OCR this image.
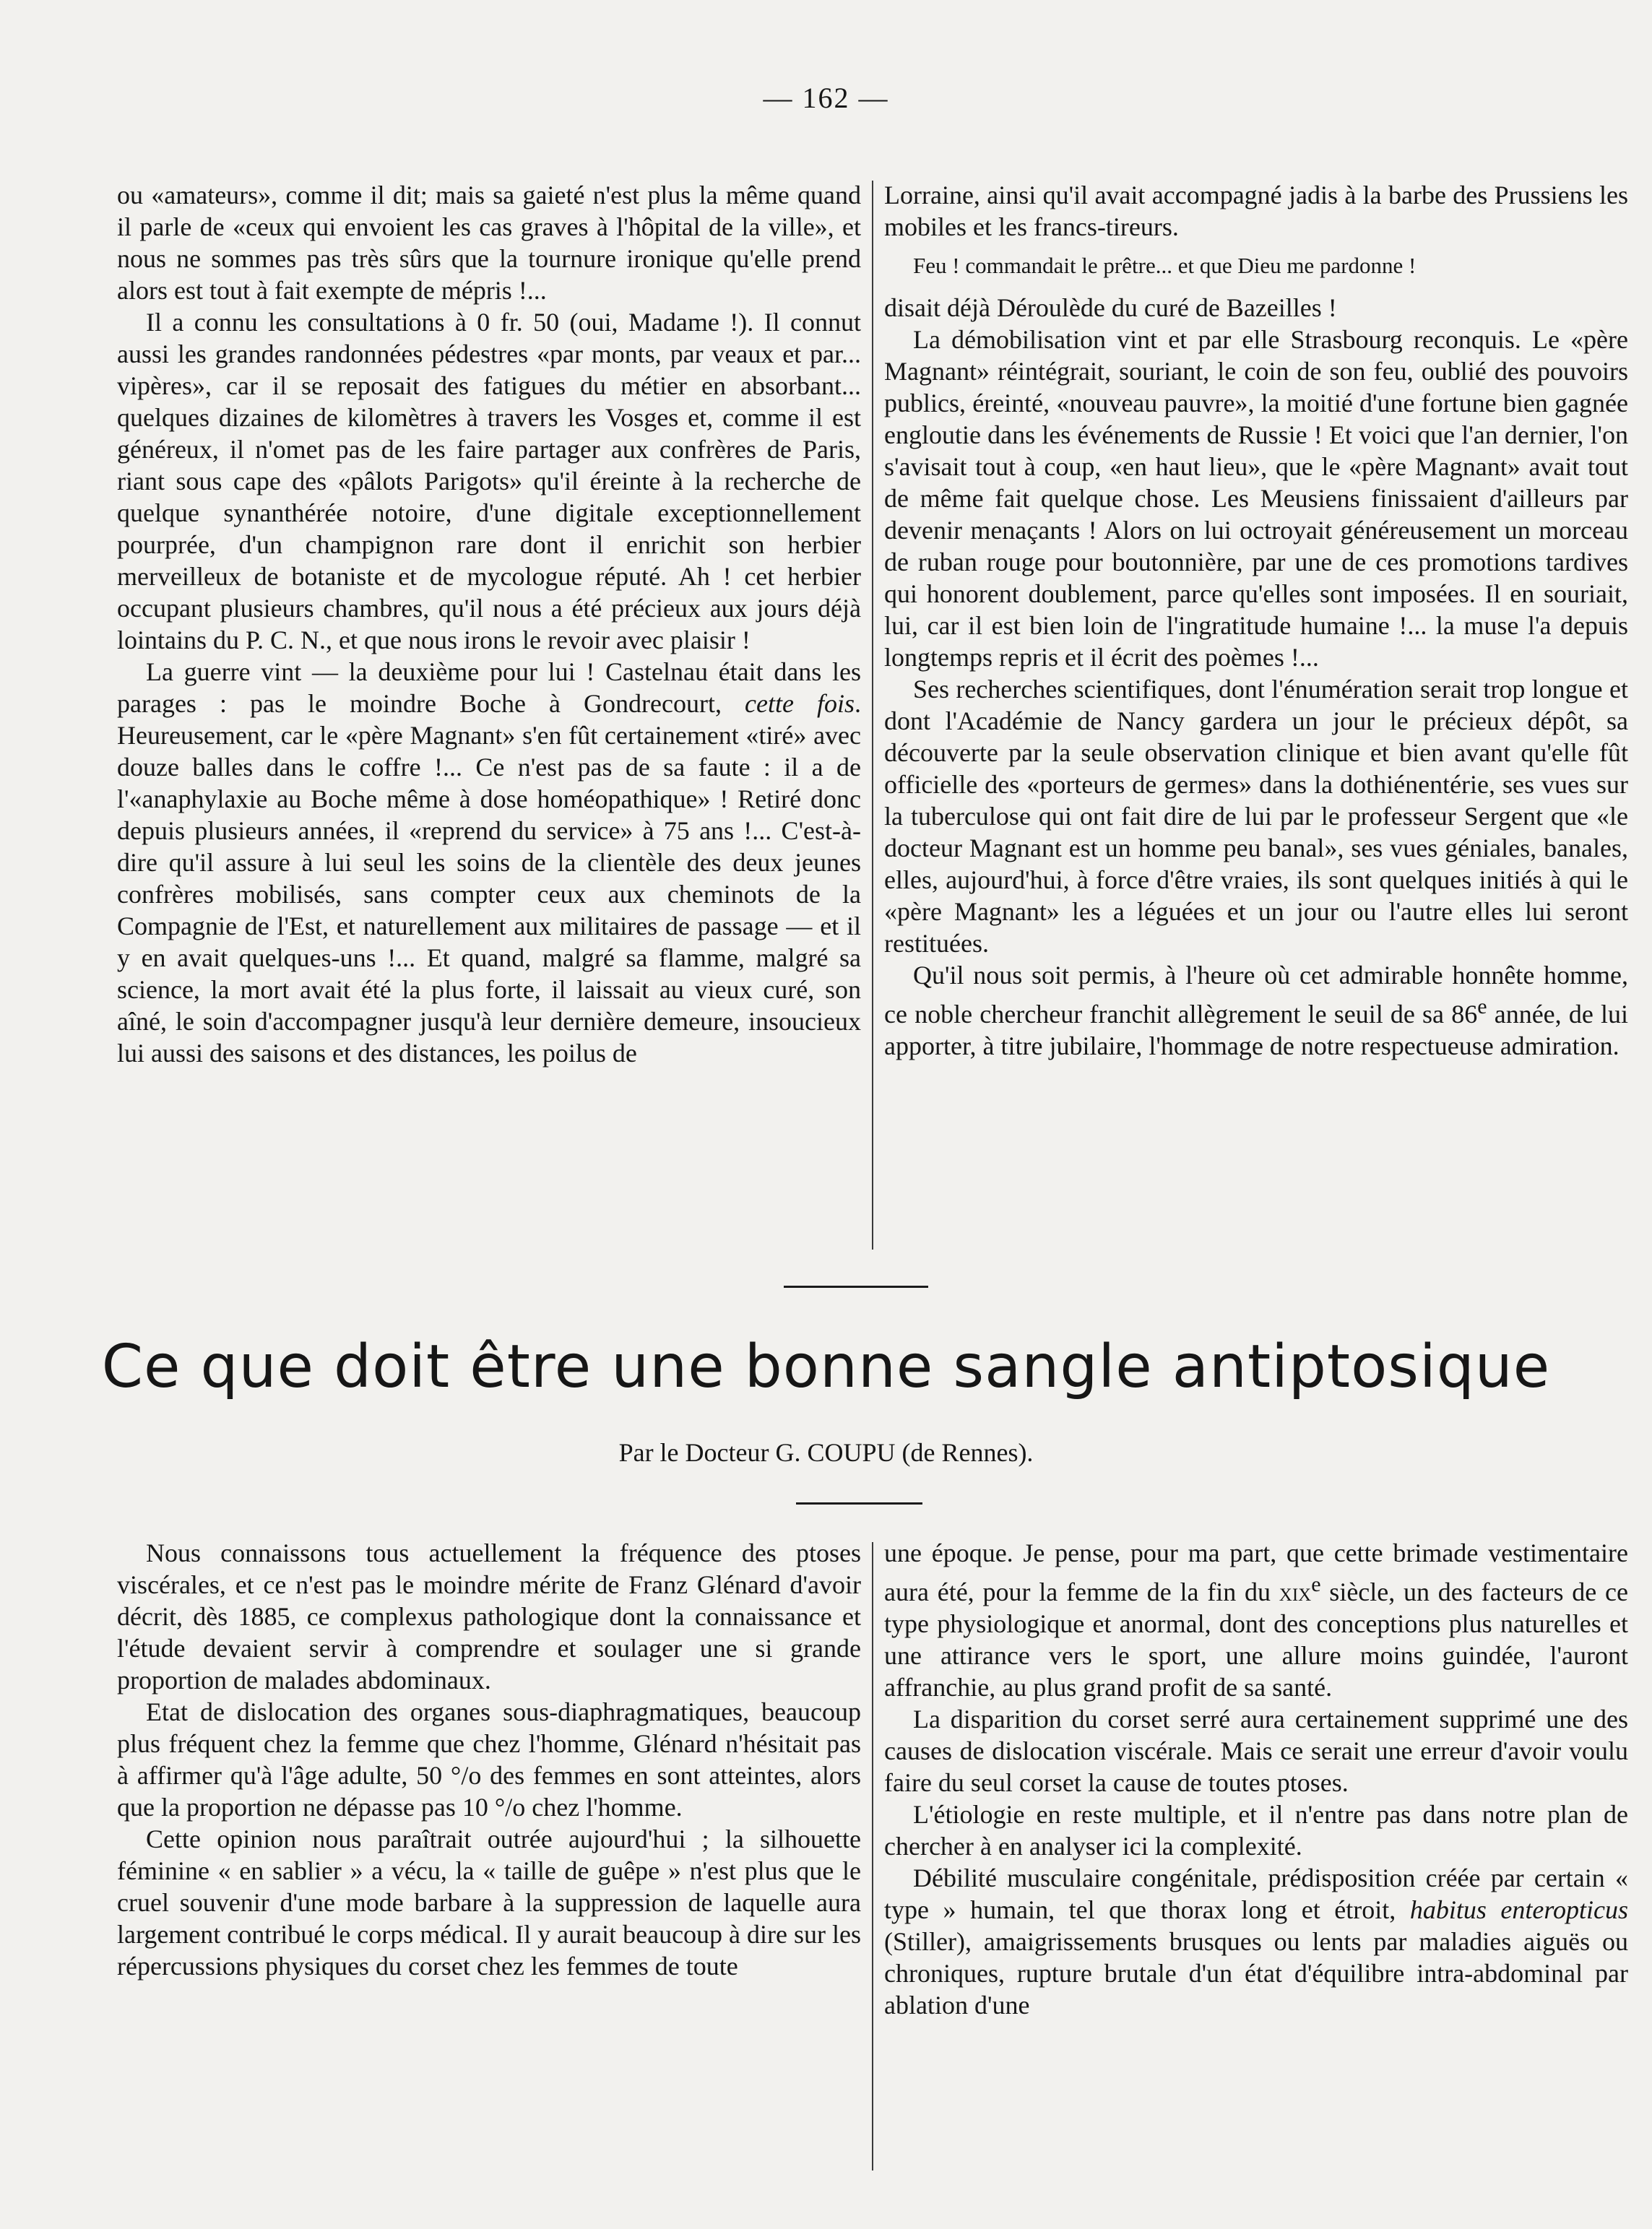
— 162 —

ou «amateurs», comme il dit; mais sa gaieté n'est plus la même quand il parle de «ceux qui envoient les cas graves à l'hôpital de la ville», et nous ne sommes pas très sûrs que la tournure ironique qu'elle prend alors est tout à fait exempte de mépris !...

Il a connu les consultations à 0 fr. 50 (oui, Madame !). Il connut aussi les grandes randonnées pédestres «par monts, par veaux et par... vipères», car il se reposait des fatigues du métier en absorbant... quelques dizaines de kilomètres à travers les Vosges et, comme il est généreux, il n'omet pas de les faire partager aux confrères de Paris, riant sous cape des «pâlots Parigots» qu'il éreinte à la recherche de quelque synanthérée notoire, d'une digitale exceptionnellement pourprée, d'un champignon rare dont il enrichit son herbier merveilleux de botaniste et de mycologue réputé. Ah ! cet herbier occupant plusieurs chambres, qu'il nous a été précieux aux jours déjà lointains du P. C. N., et que nous irons le revoir avec plaisir !

La guerre vint — la deuxième pour lui ! Castelnau était dans les parages : pas le moindre Boche à Gondrecourt, cette fois. Heureusement, car le «père Magnant» s'en fût certainement «tiré» avec douze balles dans le coffre !... Ce n'est pas de sa faute : il a de l'«anaphylaxie au Boche même à dose homéopathique» ! Retiré donc depuis plusieurs années, il «reprend du service» à 75 ans !... C'est-à-dire qu'il assure à lui seul les soins de la clientèle des deux jeunes confrères mobilisés, sans compter ceux aux cheminots de la Compagnie de l'Est, et naturellement aux militaires de passage — et il y en avait quelques-uns !... Et quand, malgré sa flamme, malgré sa science, la mort avait été la plus forte, il laissait au vieux curé, son aîné, le soin d'accompagner jusqu'à leur dernière demeure, insoucieux lui aussi des saisons et des distances, les poilus de

Lorraine, ainsi qu'il avait accompagné jadis à la barbe des Prussiens les mobiles et les francs-tireurs.

Feu ! commandait le prêtre... et que Dieu me pardonne !

disait déjà Déroulède du curé de Bazeilles !

La démobilisation vint et par elle Strasbourg reconquis. Le «père Magnant» réintégrait, souriant, le coin de son feu, oublié des pouvoirs publics, éreinté, «nouveau pauvre», la moitié d'une fortune bien gagnée engloutie dans les événements de Russie ! Et voici que l'an dernier, l'on s'avisait tout à coup, «en haut lieu», que le «père Magnant» avait tout de même fait quelque chose. Les Meusiens finissaient d'ailleurs par devenir menaçants ! Alors on lui octroyait généreusement un morceau de ruban rouge pour boutonnière, par une de ces promotions tardives qui honorent doublement, parce qu'elles sont imposées. Il en souriait, lui, car il est bien loin de l'ingratitude humaine !... la muse l'a depuis longtemps repris et il écrit des poèmes !...

Ses recherches scientifiques, dont l'énumération serait trop longue et dont l'Académie de Nancy gardera un jour le précieux dépôt, sa découverte par la seule observation clinique et bien avant qu'elle fût officielle des «porteurs de germes» dans la dothiénentérie, ses vues sur la tuberculose qui ont fait dire de lui par le professeur Sergent que «le docteur Magnant est un homme peu banal», ses vues géniales, banales, elles, aujourd'hui, à force d'être vraies, ils sont quelques initiés à qui le «père Magnant» les a léguées et un jour ou l'autre elles lui seront restituées.

Qu'il nous soit permis, à l'heure où cet admirable honnête homme, ce noble chercheur franchit allègrement le seuil de sa 86e année, de lui apporter, à titre jubilaire, l'hommage de notre respectueuse admiration.

Ce que doit être une bonne sangle antiptosique
Par le Docteur G. COUPU (de Rennes).

Nous connaissons tous actuellement la fréquence des ptoses viscérales, et ce n'est pas le moindre mérite de Franz Glénard d'avoir décrit, dès 1885, ce complexus pathologique dont la connaissance et l'étude devaient servir à comprendre et soulager une si grande proportion de malades abdominaux.

Etat de dislocation des organes sous-diaphragmatiques, beaucoup plus fréquent chez la femme que chez l'homme, Glénard n'hésitait pas à affirmer qu'à l'âge adulte, 50 °/o des femmes en sont atteintes, alors que la proportion ne dépasse pas 10 °/o chez l'homme.

Cette opinion nous paraîtrait outrée aujourd'hui ; la silhouette féminine « en sablier » a vécu, la « taille de guêpe » n'est plus que le cruel souvenir d'une mode barbare à la suppression de laquelle aura largement contribué le corps médical. Il y aurait beaucoup à dire sur les répercussions physiques du corset chez les femmes de toute

une époque. Je pense, pour ma part, que cette brimade vestimentaire aura été, pour la femme de la fin du xix$^e$ siècle, un des facteurs de ce type physiologique et anormal, dont des conceptions plus naturelles et une attirance vers le sport, une allure moins guindée, l'auront affranchie, au plus grand profit de sa santé.

La disparition du corset serré aura certainement supprimé une des causes de dislocation viscérale. Mais ce serait une erreur d'avoir voulu faire du seul corset la cause de toutes ptoses.

L'étiologie en reste multiple, et il n'entre pas dans notre plan de chercher à en analyser ici la complexité.

Débilité musculaire congénitale, prédisposition créée par certain « type » humain, tel que thorax long et étroit, habitus enteropticus (Stiller), amaigrissements brusques ou lents par maladies aiguës ou chroniques, rupture brutale d'un état d'équilibre intra-abdominal par ablation d'une
